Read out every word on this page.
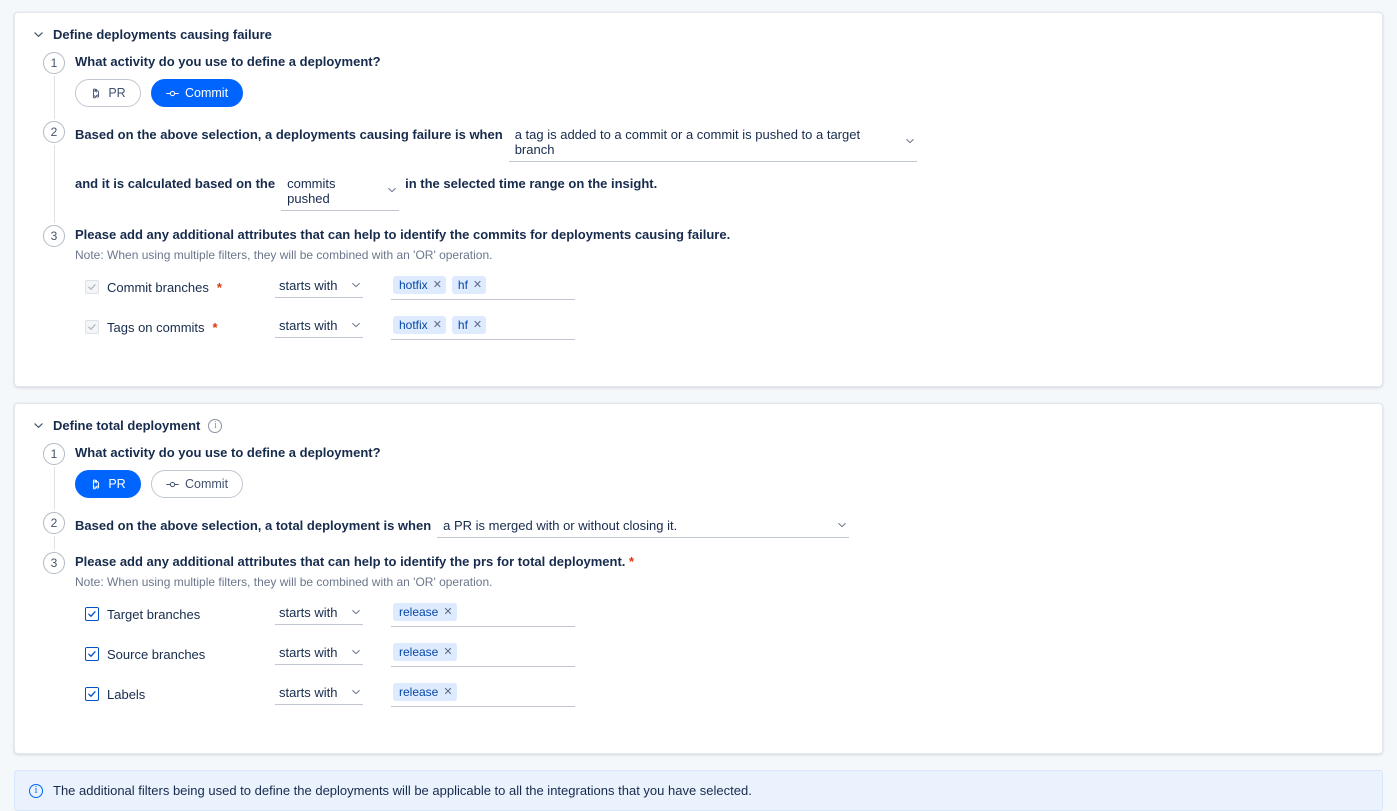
Define deployments causing failure
1	What activity do you use to define a deployment?
PR	Commit
2	Based on the above selection, a deployments causing failure is when a tag is added to a commit or a commit is pushed to a target branch
and it is calculated based on the commits pushed
in the selected time range on the insight.
3	Please add any additional attributes that can help to identify the commits for deployments causing failure.
Note: When using multiple filters, they will be combined with an 'OR' operation.
Commit branches *	starts with	hotfix ✕ hf ✕
Tags on commits *	starts with	hotfix ✕ hf ✕
Define total deployment	i
1	What activity do you use to define a deployment?
PR	Commit
2	Based on the above selection, a total deployment is when a PR is merged with or without closing it.
3	Please add any additional attributes that can help to identify the prs for total deployment. *
Note: When using multiple filters, they will be combined with an 'OR' operation.
Target branches	starts with	release ✕
Source branches	starts with	release ✕
Labels	starts with	release ✕
i	The additional filters being used to define the deployments will be applicable to all the integrations that you have selected.
